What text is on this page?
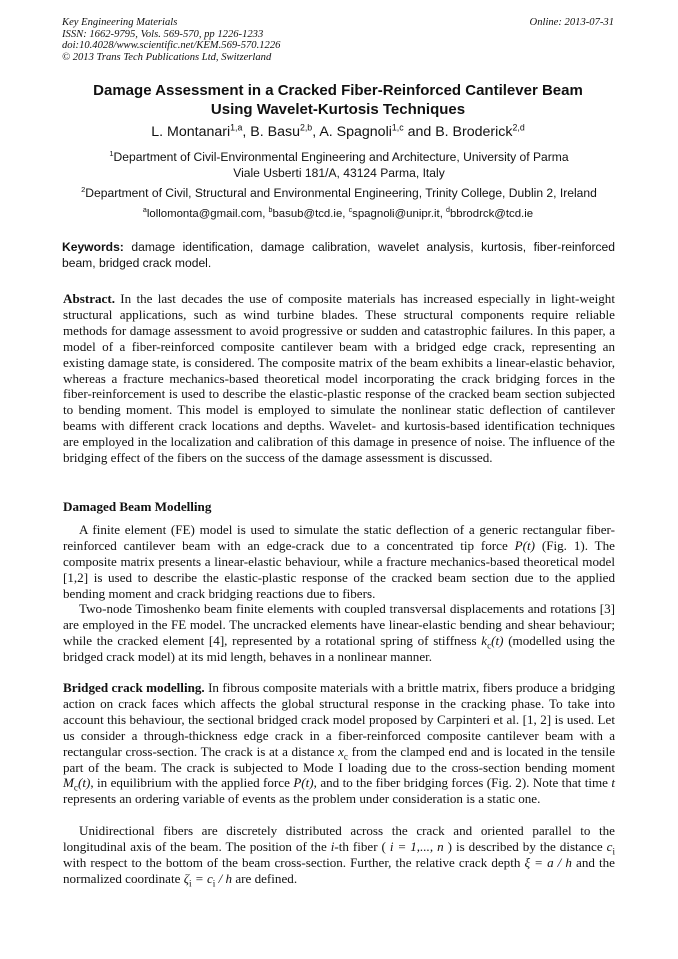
Key Engineering Materials
ISSN: 1662-9795, Vols. 569-570, pp 1226-1233
doi:10.4028/www.scientific.net/KEM.569-570.1226
© 2013 Trans Tech Publications Ltd, Switzerland
Online: 2013-07-31
Damage Assessment in a Cracked Fiber-Reinforced Cantilever Beam
Using Wavelet-Kurtosis Techniques
L. Montanari$^{1,a}$, B. Basu$^{2,b}$, A. Spagnoli$^{1,c}$ and B. Broderick$^{2,d}$
$^1$Department of Civil-Environmental Engineering and Architecture, University of Parma
Viale Usberti 181/A, 43124 Parma, Italy
$^2$Department of Civil, Structural and Environmental Engineering, Trinity College, Dublin 2, Ireland
$^a$lollomonta@gmail.com, $^b$basub@tcd.ie, $^c$spagnoli@unipr.it, $^d$bbrodrck@tcd.ie
Keywords: damage identification, damage calibration, wavelet analysis, kurtosis, fiber-reinforced beam, bridged crack model.
Abstract. In the last decades the use of composite materials has increased especially in light-weight structural applications, such as wind turbine blades. These structural components require reliable methods for damage assessment to avoid progressive or sudden and catastrophic failures. In this paper, a model of a fiber-reinforced composite cantilever beam with a bridged edge crack, representing an existing damage state, is considered. The composite matrix of the beam exhibits a linear-elastic behavior, whereas a fracture mechanics-based theoretical model incorporating the crack bridging forces in the fiber-reinforcement is used to describe the elastic-plastic response of the cracked beam section subjected to bending moment. This model is employed to simulate the nonlinear static deflection of cantilever beams with different crack locations and depths. Wavelet- and kurtosis-based identification techniques are employed in the localization and calibration of this damage in presence of noise. The influence of the bridging effect of the fibers on the success of the damage assessment is discussed.
Damaged Beam Modelling
A finite element (FE) model is used to simulate the static deflection of a generic rectangular fiber-reinforced cantilever beam with an edge-crack due to a concentrated tip force P(t) (Fig. 1). The composite matrix presents a linear-elastic behaviour, while a fracture mechanics-based theoretical model [1,2] is used to describe the elastic-plastic response of the cracked beam section due to the applied bending moment and crack bridging reactions due to fibers.
Two-node Timoshenko beam finite elements with coupled transversal displacements and rotations [3] are employed in the FE model. The uncracked elements have linear-elastic bending and shear behaviour; while the cracked element [4], represented by a rotational spring of stiffness $k_c(t)$ (modelled using the bridged crack model) at its mid length, behaves in a nonlinear manner.
Bridged crack modelling. In fibrous composite materials with a brittle matrix, fibers produce a bridging action on crack faces which affects the global structural response in the cracking phase. To take into account this behaviour, the sectional bridged crack model proposed by Carpinteri et al. [1, 2] is used. Let us consider a through-thickness edge crack in a fiber-reinforced composite cantilever beam with a rectangular cross-section. The crack is at a distance $x_c$ from the clamped end and is located in the tensile part of the beam. The crack is subjected to Mode I loading due to the cross-section bending moment $M_c(t)$, in equilibrium with the applied force P(t), and to the fiber bridging forces (Fig. 2). Note that time t represents an ordering variable of events as the problem under consideration is a static one.
Unidirectional fibers are discretely distributed across the crack and oriented parallel to the longitudinal axis of the beam. The position of the i-th fiber ( i = 1,..., n ) is described by the distance $c_i$ with respect to the bottom of the beam cross-section. Further, the relative crack depth ξ = a / h and the normalized coordinate $\zeta_i = c_i / h$ are defined.
